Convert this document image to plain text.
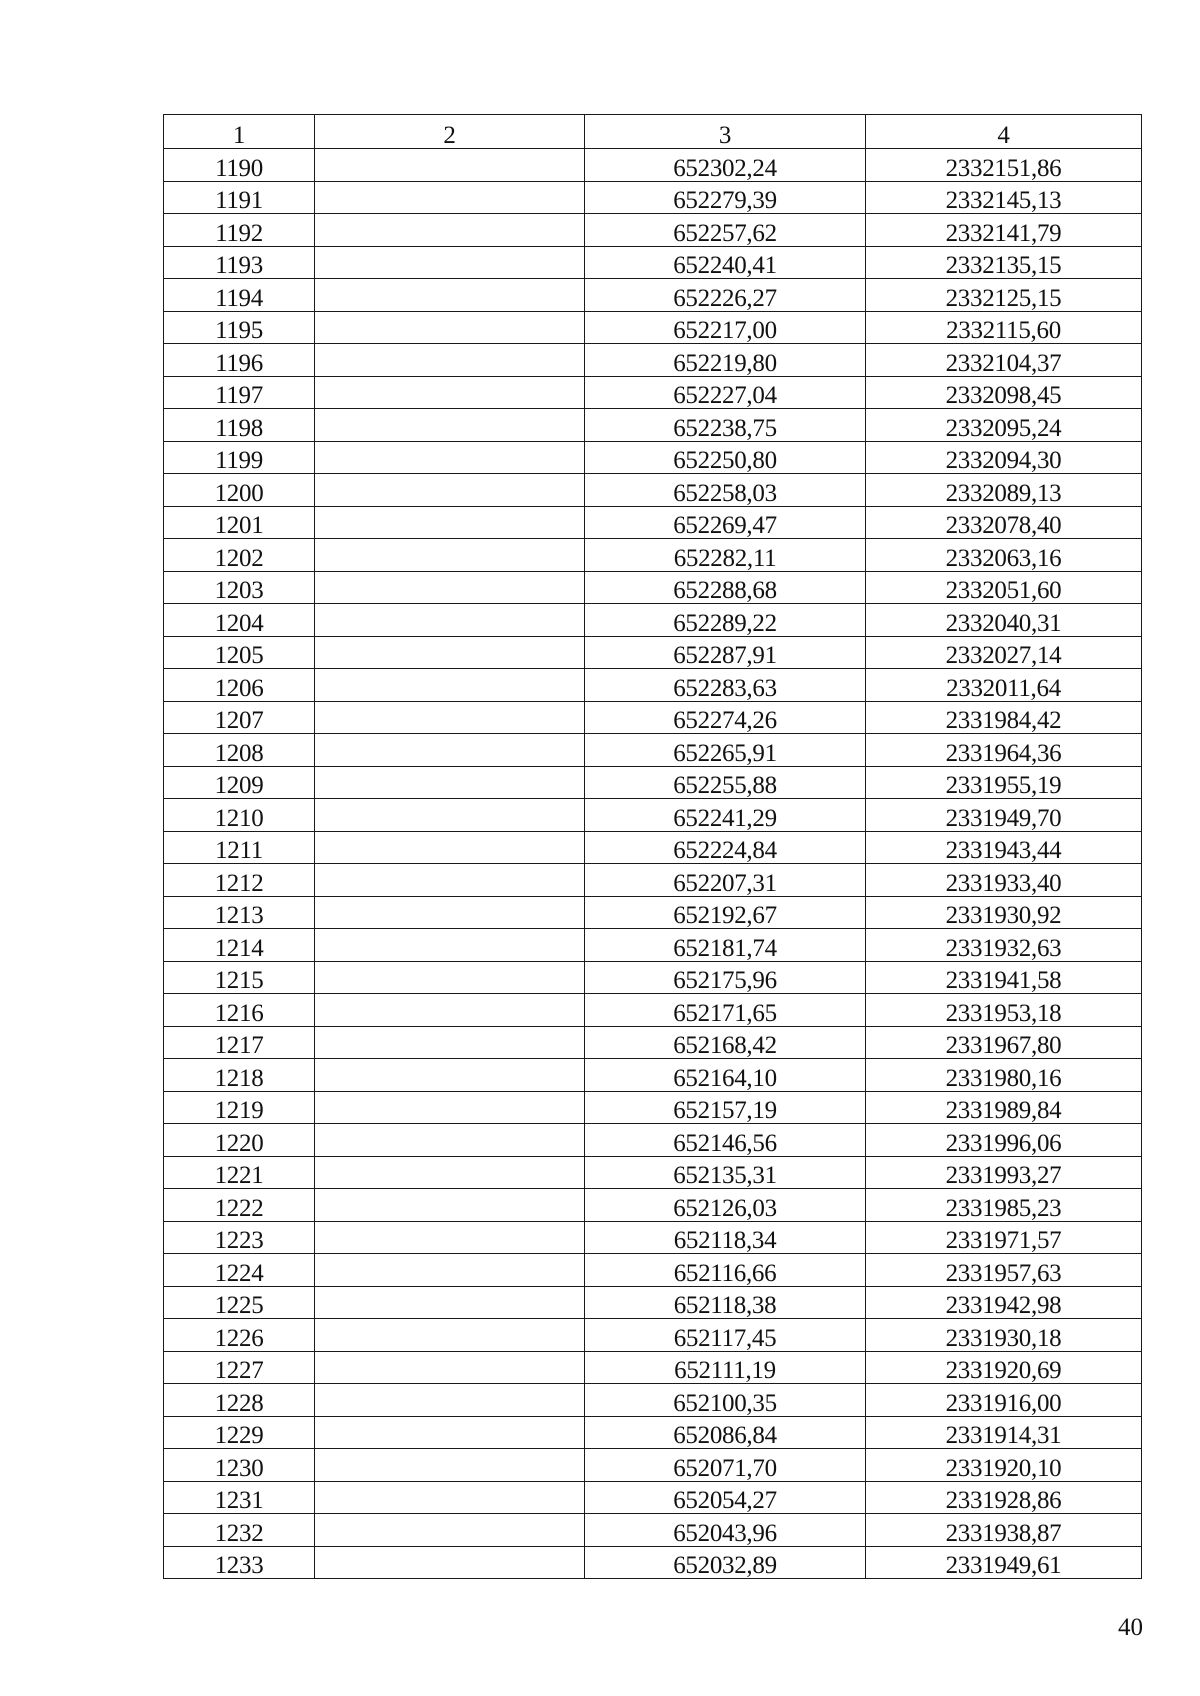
1	2	3	4
1190		652302,24	2332151,86
1191		652279,39	2332145,13
1192		652257,62	2332141,79
1193		652240,41	2332135,15
1194		652226,27	2332125,15
1195		652217,00	2332115,60
1196		652219,80	2332104,37
1197		652227,04	2332098,45
1198		652238,75	2332095,24
1199		652250,80	2332094,30
1200		652258,03	2332089,13
1201		652269,47	2332078,40
1202		652282,11	2332063,16
1203		652288,68	2332051,60
1204		652289,22	2332040,31
1205		652287,91	2332027,14
1206		652283,63	2332011,64
1207		652274,26	2331984,42
1208		652265,91	2331964,36
1209		652255,88	2331955,19
1210		652241,29	2331949,70
1211		652224,84	2331943,44
1212		652207,31	2331933,40
1213		652192,67	2331930,92
1214		652181,74	2331932,63
1215		652175,96	2331941,58
1216		652171,65	2331953,18
1217		652168,42	2331967,80
1218		652164,10	2331980,16
1219		652157,19	2331989,84
1220		652146,56	2331996,06
1221		652135,31	2331993,27
1222		652126,03	2331985,23
1223		652118,34	2331971,57
1224		652116,66	2331957,63
1225		652118,38	2331942,98
1226		652117,45	2331930,18
1227		652111,19	2331920,69
1228		652100,35	2331916,00
1229		652086,84	2331914,31
1230		652071,70	2331920,10
1231		652054,27	2331928,86
1232		652043,96	2331938,87
1233		652032,89	2331949,61
40
